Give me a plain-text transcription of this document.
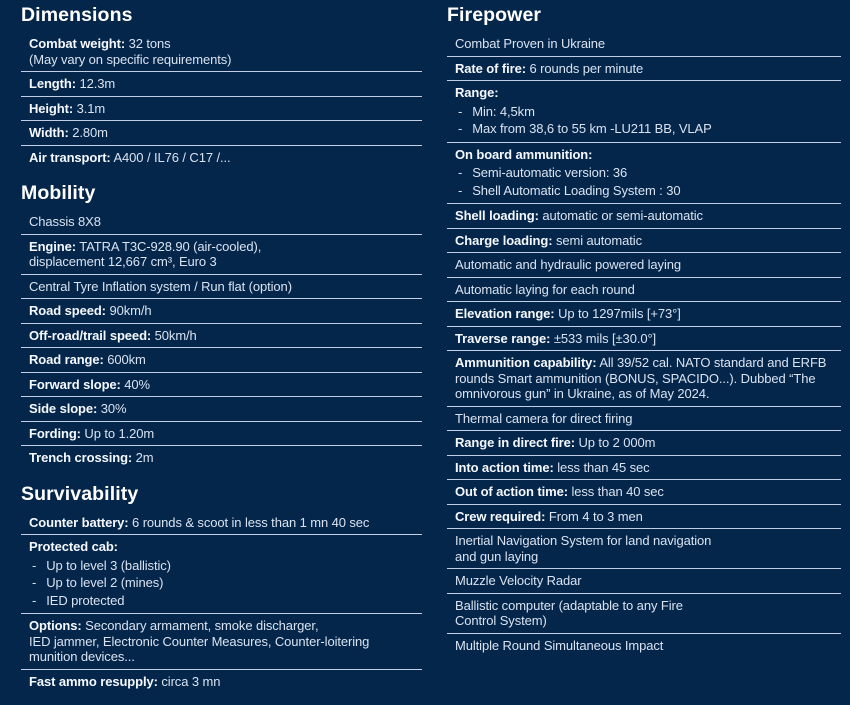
Dimensions
Combat weight: 32 tons
(May vary on specific requirements)
Length: 12.3m
Height: 3.1m
Width: 2.80m
Air transport: A400 / IL76 / C17 /...
Mobility
Chassis 8X8
Engine: TATRA T3C-928.90 (air-cooled),
displacement 12,667 cm³, Euro 3
Central Tyre Inflation system / Run flat (option)
Road speed: 90km/h
Off-road/trail speed: 50km/h
Road range: 600km
Forward slope: 40%
Side slope: 30%
Fording: Up to 1.20m
Trench crossing: 2m
Survivability
Counter battery: 6 rounds & scoot in less than 1 mn 40 sec
Protected cab:
-
Up to level 3 (ballistic)
-
Up to level 2 (mines)
-
IED protected
Options: Secondary armament, smoke discharger,
IED jammer, Electronic Counter Measures, Counter-loitering
munition devices...
Fast ammo resupply: circa 3 mn
Firepower
Combat Proven in Ukraine
Rate of fire: 6 rounds per minute
Range:
-
Min: 4,5km
-
Max from 38,6 to 55 km -LU211 BB, VLAP
On board ammunition:
-
Semi-automatic version: 36
-
Shell Automatic Loading System : 30
Shell loading: automatic or semi-automatic
Charge loading: semi automatic
Automatic and hydraulic powered laying
Automatic laying for each round
Elevation range: Up to 1297mils [+73°]
Traverse range: ±533 mils [±30.0°]
Ammunition capability: All 39/52 cal. NATO standard and ERFB
rounds Smart ammunition (BONUS, SPACIDO...). Dubbed “The
omnivorous gun” in Ukraine, as of May 2024.
Thermal camera for direct firing
Range in direct fire: Up to 2 000m
Into action time: less than 45 sec
Out of action time: less than 40 sec
Crew required: From 4 to 3 men
Inertial Navigation System for land navigation
and gun laying
Muzzle Velocity Radar
Ballistic computer (adaptable to any Fire
Control System)
Multiple Round Simultaneous Impact
